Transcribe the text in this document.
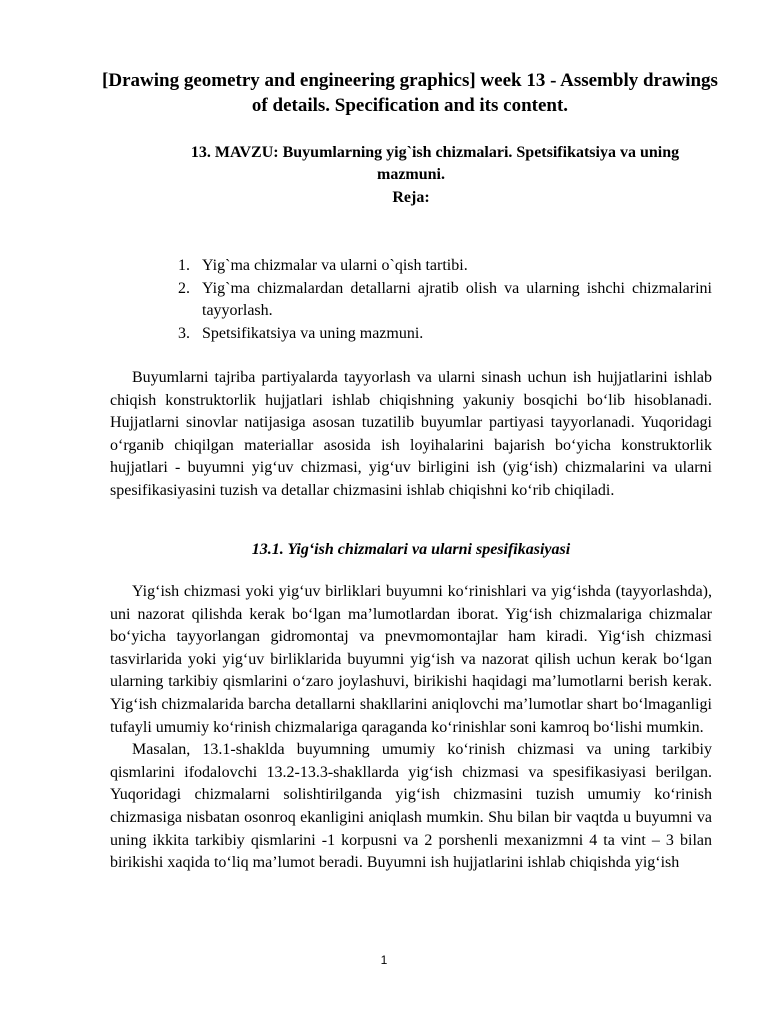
[Drawing geometry and engineering graphics] week 13 - Assembly drawings of details. Specification and its content.
13. MAVZU: Buyumlarning yig`ish chizmalari. Spetsifikatsiya va uning
mazmuni.
Reja:
1. Yig`ma chizmalar va ularni o`qish tartibi.
2. Yig`ma chizmalardan detallarni ajratib olish va ularning ishchi chizmalarini tayyorlash.
3. Spetsifikatsiya va uning mazmuni.

Buyumlarni tajriba partiyalarda tayyorlash va ularni sinash uchun ish hujjatlarini ishlab chiqish konstruktorlik hujjatlari ishlab chiqishning yakuniy bosqichi bo‘lib hisoblanadi. Hujjatlarni sinovlar natijasiga asosan tuzatilib buyumlar partiyasi tayyorlanadi. Yuqoridagi o‘rganib chiqilgan materiallar asosida ish loyihalarini bajarish bo‘yicha konstruktorlik hujjatlari - buyumni yig‘uv chizmasi, yig‘uv birligini ish (yig‘ish) chizmalarini va ularni spesifikasiyasini tuzish va detallar chizmasini ishlab chiqishni ko‘rib chiqiladi.

13.1. Yig‘ish chizmalari va ularni spesifikasiyasi

Yig‘ish chizmasi yoki yig‘uv birliklari buyumni ko‘rinishlari va yig‘ishda (tayyorlashda), uni nazorat qilishda kerak bo‘lgan ma’lumotlardan iborat. Yig‘ish chizmalariga chizmalar bo‘yicha tayyorlangan gidromontaj va pnevmomontajlar ham kiradi. Yig‘ish chizmasi tasvirlarida yoki yig‘uv birliklarida buyumni yig‘ish va nazorat qilish uchun kerak bo‘lgan ularning tarkibiy qismlarini o‘zaro joylashuvi, birikishi haqidagi ma’lumotlarni berish kerak. Yig‘ish chizmalarida barcha detallarni shakllarini aniqlovchi ma’lumotlar shart bo‘lmaganligi tufayli umumiy ko‘rinish chizmalariga qaraganda ko‘rinishlar soni kamroq bo‘lishi mumkin.

Masalan, 13.1-shaklda buyumning umumiy ko‘rinish chizmasi va uning tarkibiy qismlarini ifodalovchi 13.2-13.3-shakllarda yig‘ish chizmasi va spesifikasiyasi berilgan. Yuqoridagi chizmalarni solishtirilganda yig‘ish chizmasini tuzish umumiy ko‘rinish chizmasiga nisbatan osonroq ekanligini aniqlash mumkin. Shu bilan bir vaqtda u buyumni va uning ikkita tarkibiy qismlarini -1 korpusni va 2 porshenli mexanizmni 4 ta vint – 3 bilan birikishi xaqida to‘liq ma’lumot beradi. Buyumni ish hujjatlarini ishlab chiqishda yig‘ish

1
